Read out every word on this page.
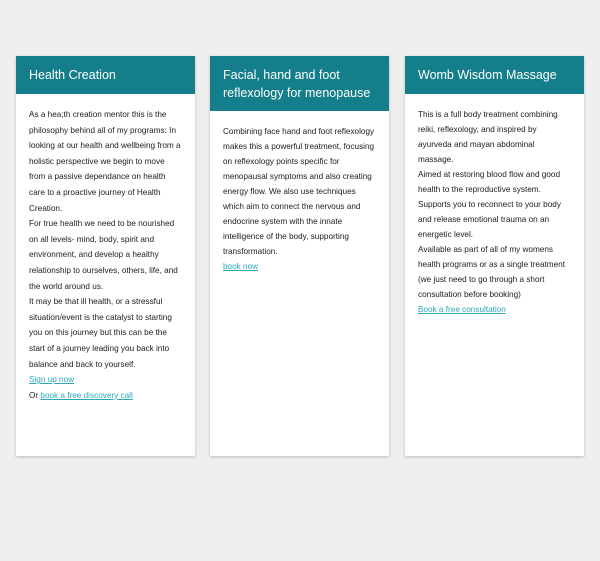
Health Creation

As a hea;th creation mentor this is the philosophy behind all of my programs: In looking at our health and wellbeing from a holistic perspective we begin to move from a passive dependance on health care to a proactive journey of Health Creation.

For true health we need to be nourished on all levels- mind, body, spirit and environment, and develop a healthy relationship to ourselves, others, life, and the world around us.

It may be that ill health, or a stressful situation/event is the catalyst to starting you on this journey but this can be the start of a journey leading you back into balance and back to yourself.

Sign up now

Or book a free discovery call

Facial, hand and foot reflexology for menopause

Combining face hand and foot reflexology makes this a powerful treatment, focusing on reflexology points specific for menopausal symptoms and also creating energy flow. We also use techniques which aim to connect the nervous and endocrine system with the innate intelligence of the body, supporting transformation.

book now

Womb Wisdom Massage

This is a full body treatment combining reiki, reflexology, and inspired by ayurveda and mayan abdominal massage.

Aimed at restoring blood flow and good health to the reproductive system. Supports you to reconnect to your body and release emotional trauma on an energetic level.

Available as part of all of my womens health programs or as a single treatment (we just need to go through a short consultation before booking)

Book a free consultation
